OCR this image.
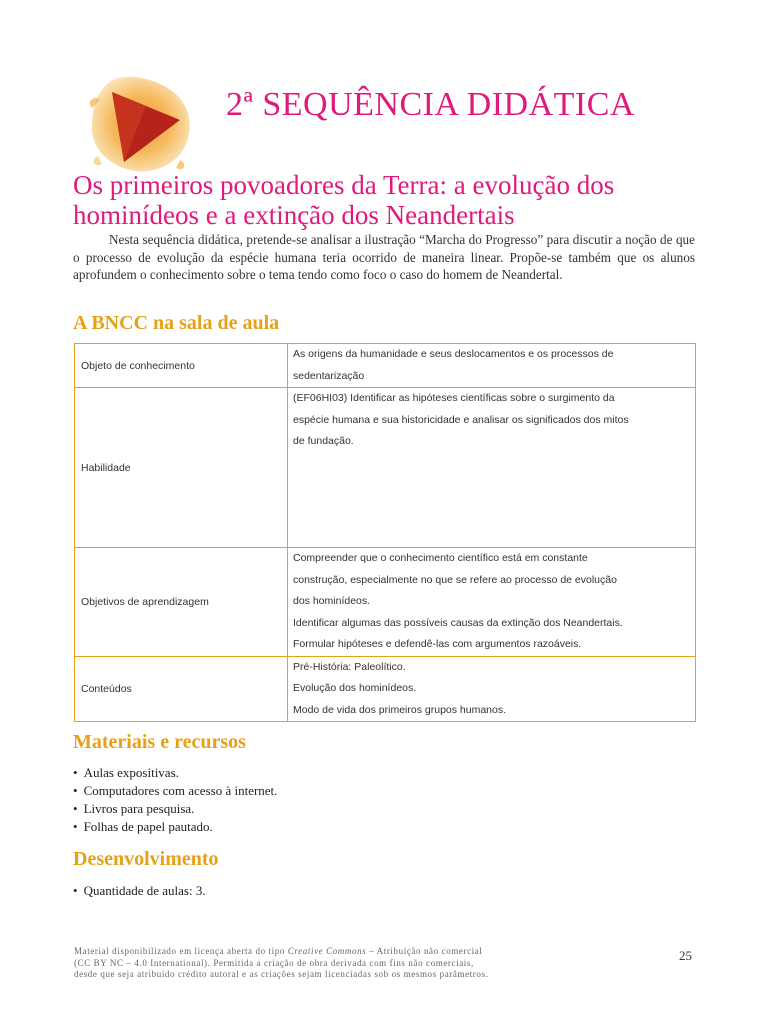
2ª SEQUÊNCIA DIDÁTICA
Os primeiros povoadores da Terra: a evolução dos hominídeos e a extinção dos Neandertais
Nesta sequência didática, pretende-se analisar a ilustração “Marcha do Progresso” para discutir a noção de que o processo de evolução da espécie humana teria ocorrido de maneira linear. Propõe-se também que os alunos aprofundem o conhecimento sobre o tema tendo como foco o caso do homem de Neandertal.
A BNCC na sala de aula
Objeto de conhecimento	As origens da humanidade e seus deslocamentos e os processos de
sedentarização

Habilidade	(EF06HI03) Identificar as hipóteses científicas sobre o surgimento da
espécie humana e sua historicidade e analisar os significados dos mitos
de fundação.

Objetivos de aprendizagem	Compreender que o conhecimento científico está em constante
construção, especialmente no que se refere ao processo de evolução
dos hominídeos.
Identificar algumas das possíveis causas da extinção dos Neandertais.
Formular hipóteses e defendê-las com argumentos razoáveis.

Conteúdos	Pré-História: Paleolítico.
Evolução dos hominídeos.
Modo de vida dos primeiros grupos humanos.
Materiais e recursos
• Aulas expositivas.
• Computadores com acesso à internet.
• Livros para pesquisa.
• Folhas de papel pautado.
Desenvolvimento
• Quantidade de aulas: 3.
Material disponibilizado em licença aberta do tipo Creative Commons – Atribuição não comercial
(CC BY NC – 4.0 International). Permitida a criação de obra derivada com fins não comerciais,
desde que seja atribuído crédito autoral e as criações sejam licenciadas sob os mesmos parâmetros.
25
